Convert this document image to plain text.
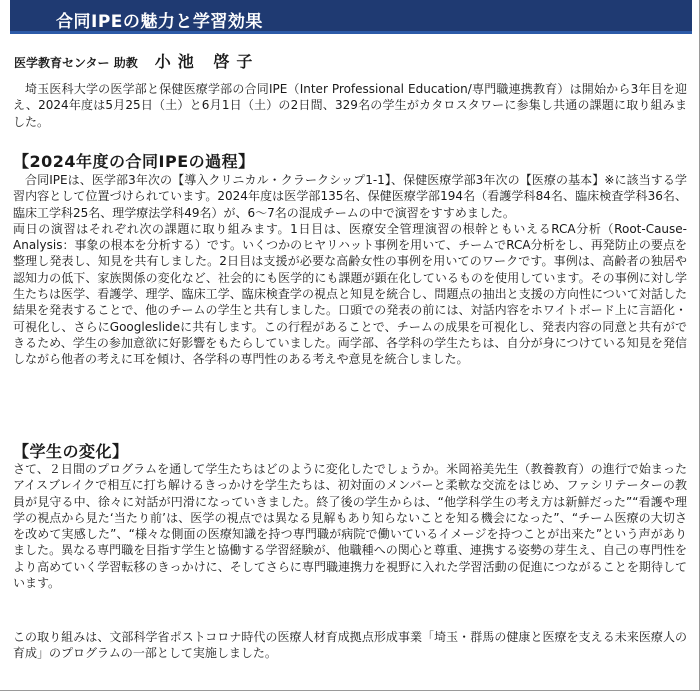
合同IPEの魅力と学習効果
医学教育センター 助教 小池 啓子

埼玉医科大学の医学部と保健医療学部の合同IPE（Inter Professional Education/専門職連携教育）は開始から3年目を迎え、2024年度は5月25日（土）と6月1日（土）の2日間、329名の学生がカタロスタワーに参集し共通の課題に取り組みました。

【2024年度の合同IPEの過程】

合同IPEは、医学部3年次の【導入クリニカル・クラークシップ1-1】、保健医療学部3年次の【医療の基本】※に該当する学習内容として位置づけられています。2024年度は医学部135名、保健医療学部194名（看護学科84名、臨床検査学科36名、臨床工学科25名、理学療法学科49名）が、6〜7名の混成チームの中で演習をすすめました。

両日の演習はそれぞれ次の課題に取り組みます。1日目は、医療安全管理演習の根幹ともいえるRCA分析（Root-Cause-Analysis：事象の根本を分析する）です。いくつかのヒヤリハット事例を用いて、チームでRCA分析をし、再発防止の要点を整理し発表し、知見を共有しました。2日目は支援が必要な高齢女性の事例を用いてのワークです。事例は、高齢者の独居や認知力の低下、家族関係の変化など、社会的にも医学的にも課題が顕在化しているものを使用しています。その事例に対し学生たちは医学、看護学、理学、臨床工学、臨床検査学の視点と知見を統合し、問題点の抽出と支援の方向性について対話した結果を発表することで、他のチームの学生と共有しました。口頭での発表の前には、対話内容をホワイトボード上に言語化・可視化し、さらにGoogleslideに共有します。この行程があることで、チームの成果を可視化し、発表内容の同意と共有ができるため、学生の参加意欲に好影響をもたらしていました。両学部、各学科の学生たちは、自分が身につけている知見を発信しながら他者の考えに耳を傾け、各学科の専門性のある考えや意見を統合しました。

【学生の変化】

さて、２日間のプログラムを通して学生たちはどのように変化したでしょうか。米岡裕美先生（教養教育）の進行で始まったアイスブレイクで相互に打ち解けるきっかけを学生たちは、初対面のメンバーと柔軟な交流をはじめ、ファシリテーターの教員が見守る中、徐々に対話が円滑になっていきました。終了後の学生からは、“他学科学生の考え方は新鮮だった”“看護や理学の視点から見た‘当たり前’は、医学の視点では異なる見解もあり知らないことを知る機会になった”、“チーム医療の大切さを改めて実感した”、“様々な側面の医療知識を持つ専門職が病院で働いているイメージを持つことが出来た”という声がありました。異なる専門職を目指す学生と協働する学習経験が、他職種への関心と尊重、連携する姿勢の芽生え、自己の専門性をより高めていく学習転移のきっかけに、そしてさらに専門職連携力を視野に入れた学習活動の促進につながることを期待しています。

この取り組みは、文部科学省ポストコロナ時代の医療人材育成拠点形成事業「埼玉・群馬の健康と医療を支える未来医療人の育成」のプログラムの一部として実施しました。
